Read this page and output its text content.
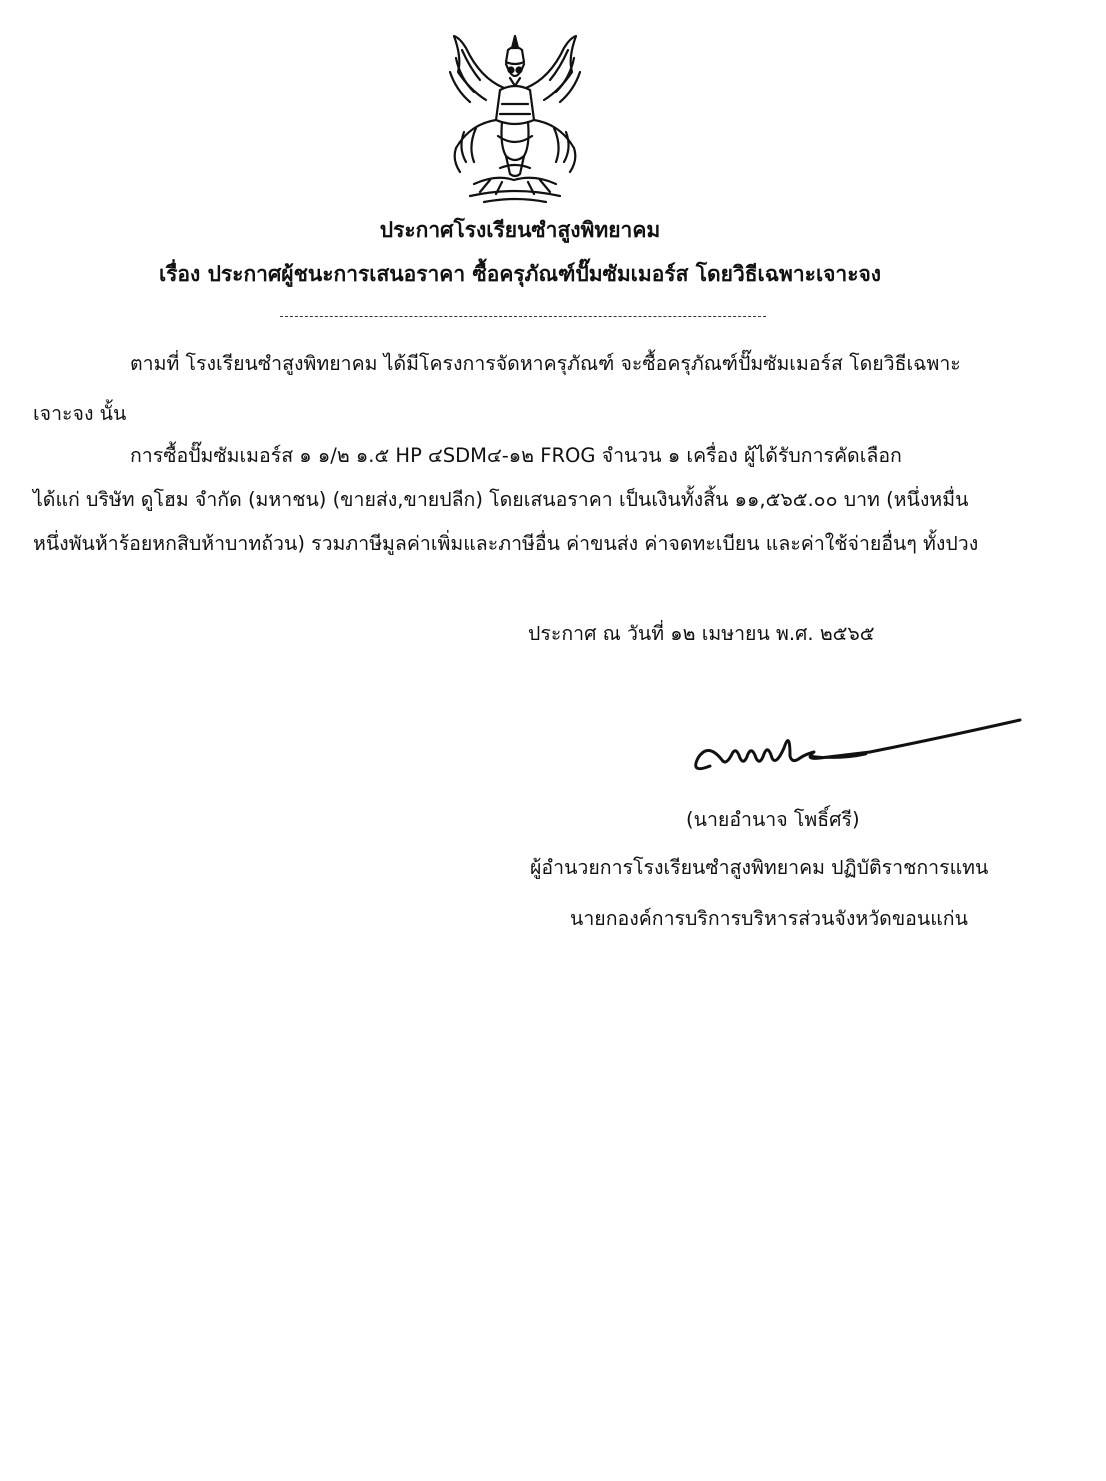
ประกาศโรงเรียนซำสูงพิทยาคม
เรื่อง ประกาศผู้ชนะการเสนอราคา ซื้อครุภัณฑ์ปั๊มซัมเมอร์ส โดยวิธีเฉพาะเจาะจง
ตามที่ โรงเรียนซำสูงพิทยาคม ได้มีโครงการจัดหาครุภัณฑ์ จะซื้อครุภัณฑ์ปั๊มซัมเมอร์ส โดยวิธีเฉพาะ
เจาะจง นั้น
การซื้อปั๊มซัมเมอร์ส ๑ ๑/๒ ๑.๕ HP ๔SDM๔-๑๒ FROG จำนวน ๑ เครื่อง ผู้ได้รับการคัดเลือก
ได้แก่ บริษัท ดูโฮม จำกัด (มหาชน) (ขายส่ง,ขายปลีก) โดยเสนอราคา เป็นเงินทั้งสิ้น ๑๑,๕๖๕.๐๐ บาท (หนึ่งหมื่น
หนึ่งพันห้าร้อยหกสิบห้าบาทถ้วน) รวมภาษีมูลค่าเพิ่มและภาษีอื่น ค่าขนส่ง ค่าจดทะเบียน และค่าใช้จ่ายอื่นๆ ทั้งปวง
ประกาศ ณ วันที่ ๑๒ เมษายน พ.ศ. ๒๕๖๕
(นายอำนาจ โพธิ์ศรี)
ผู้อำนวยการโรงเรียนซำสูงพิทยาคม ปฏิบัติราชการแทน
นายกองค์การบริการบริหารส่วนจังหวัดขอนแก่น
